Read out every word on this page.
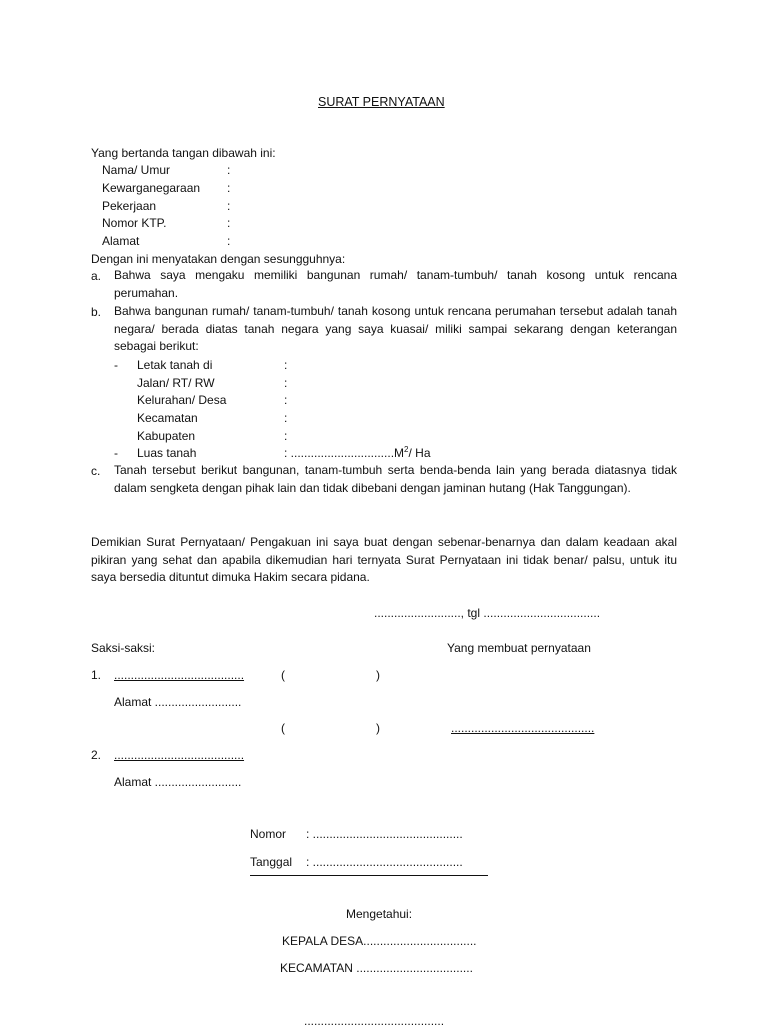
SURAT PERNYATAAN
Yang bertanda tangan dibawah ini:
Nama/ Umur	:
Kewarganegaraan :
Pekerjaan	:
Nomor KTP.	:
Alamat	:
Dengan ini menyatakan dengan sesungguhnya:
a. Bahwa saya mengaku memiliki bangunan rumah/ tanam-tumbuh/ tanah kosong untuk rencana perumahan.
b. Bahwa bangunan rumah/ tanam-tumbuh/ tanah kosong untuk rencana perumahan tersebut adalah tanah negara/ berada diatas tanah negara yang saya kuasai/ miliki sampai sekarang dengan keterangan sebagai berikut:
- Letak tanah di	:
Jalan/ RT/ RW	:
Kelurahan/ Desa	:
Kecamatan	:
Kabupaten	:
- Luas tanah	: $...............................M^2/$ Ha
c. Tanah tersebut berikut bangunan, tanam-tumbuh serta benda-benda lain yang berada diatasnya tidak dalam sengketa dengan pihak lain dan tidak dibebani dengan jaminan hutang (Hak Tanggungan).
Demikian Surat Pernyataan/ Pengakuan ini saya buat dengan sebenar-benarnya dan dalam keadaan akal pikiran yang sehat dan apabila dikemudian hari ternyata Surat Pernyataan ini tidak benar/ palsu, untuk itu saya bersedia dituntut dimuka Hakim secara pidana.
.........................., tgl ...................................
Saksi-saksi:	Yang membuat pernyataan
1. .......................................	(	)
Alamat ..........................
(	)	...........................................
2. .......................................
Alamat ..........................
Nomor : .............................................
Tanggal : .............................................
Mengetahui:
KEPALA DESA..................................
KECAMATAN ...................................
..........................................
